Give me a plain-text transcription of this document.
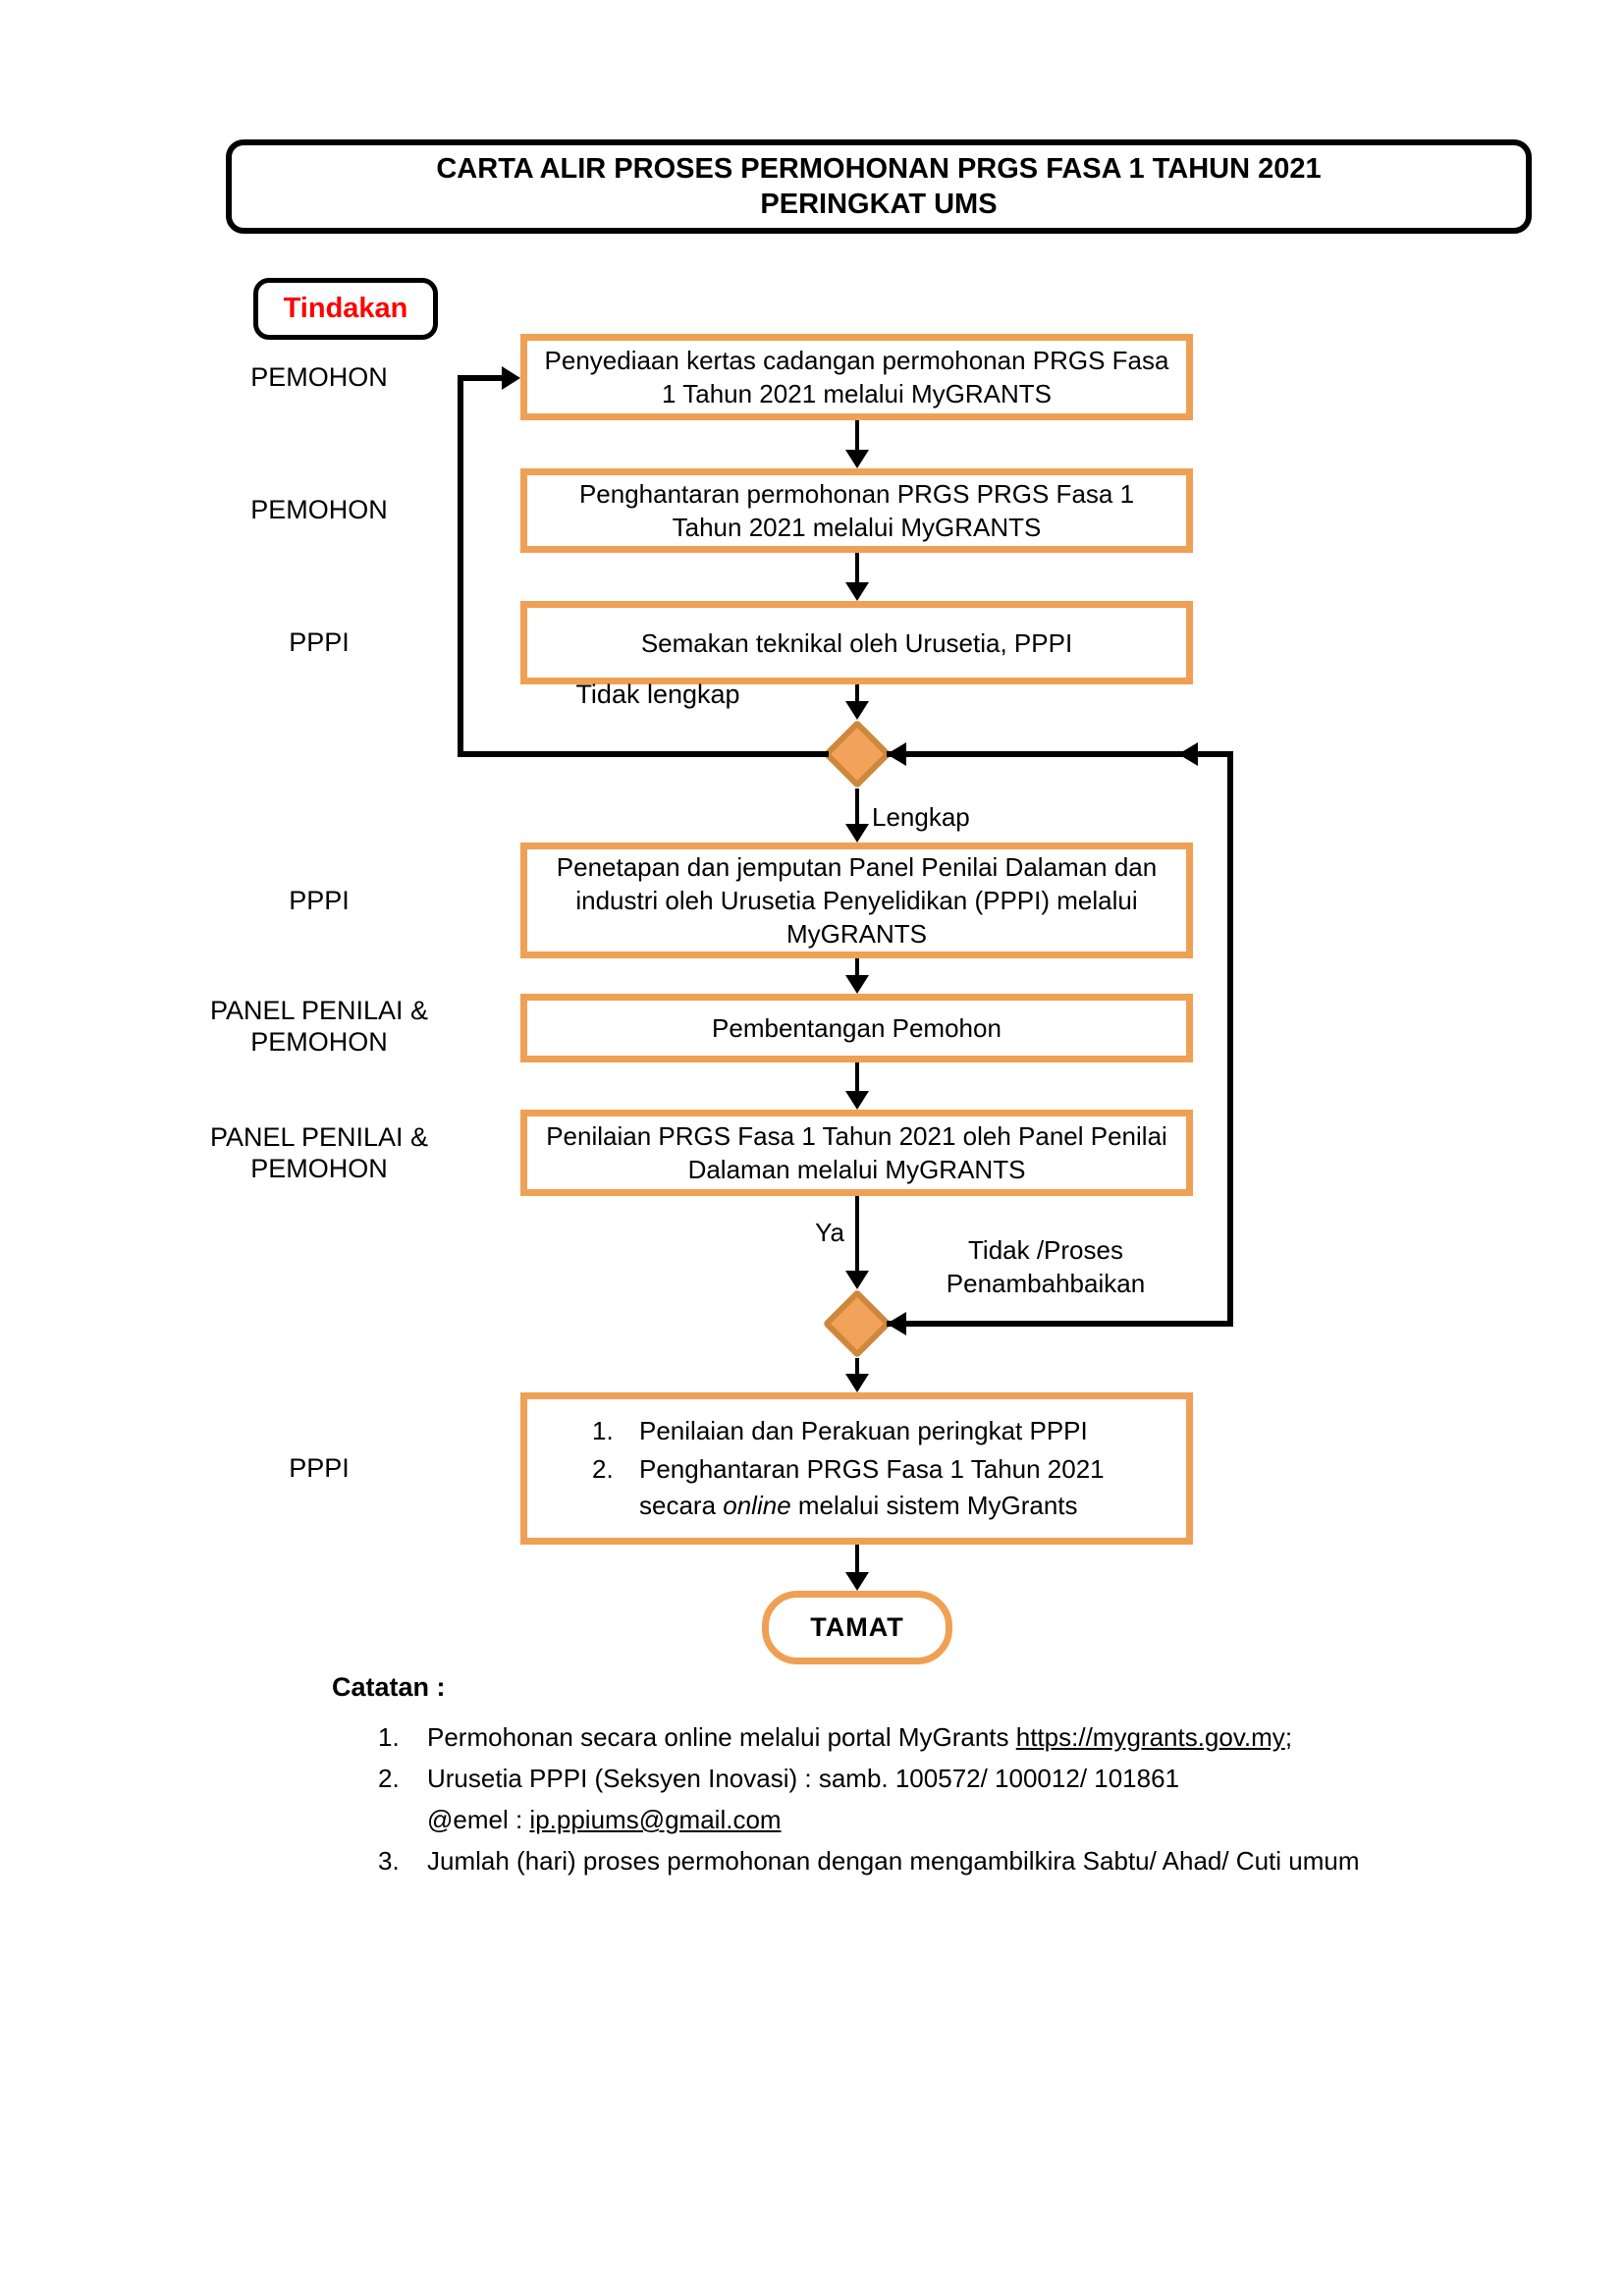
CARTA ALIR PROSES PERMOHONAN PRGS FASA 1 TAHUN 2021
PERINGKAT UMS
Tindakan
PEMOHON
PEMOHON
PPPI
PPPI
PANEL PENILAI & PEMOHON
PANEL PENILAI & PEMOHON
PPPI
Penyediaan kertas cadangan permohonan PRGS Fasa 1 Tahun 2021 melalui MyGRANTS
Penghantaran permohonan PRGS PRGS Fasa 1 Tahun 2021 melalui MyGRANTS
Semakan teknikal oleh Urusetia, PPPI
Penetapan dan jemputan Panel Penilai Dalaman dan industri oleh Urusetia Penyelidikan (PPPI) melalui MyGRANTS
Pembentangan Pemohon
Penilaian PRGS Fasa 1 Tahun 2021 oleh Panel Penilai Dalaman melalui MyGRANTS
1.	Penilaian dan Perakuan peringkat PPPI
2.	Penghantaran PRGS Fasa 1 Tahun 2021 secara online melalui sistem MyGrants
TAMAT
Tidak lengkap
Lengkap
Ya
Tidak /Proses
Penambahbaikan
Catatan :
1. Permohonan secara online melalui portal MyGrants https://mygrants.gov.my;
2. Urusetia PPPI (Seksyen Inovasi) : samb. 100572/ 100012/ 101861
@emel : ip.ppiums@gmail.com
3. Jumlah (hari) proses permohonan dengan mengambilkira Sabtu/ Ahad/ Cuti umum
